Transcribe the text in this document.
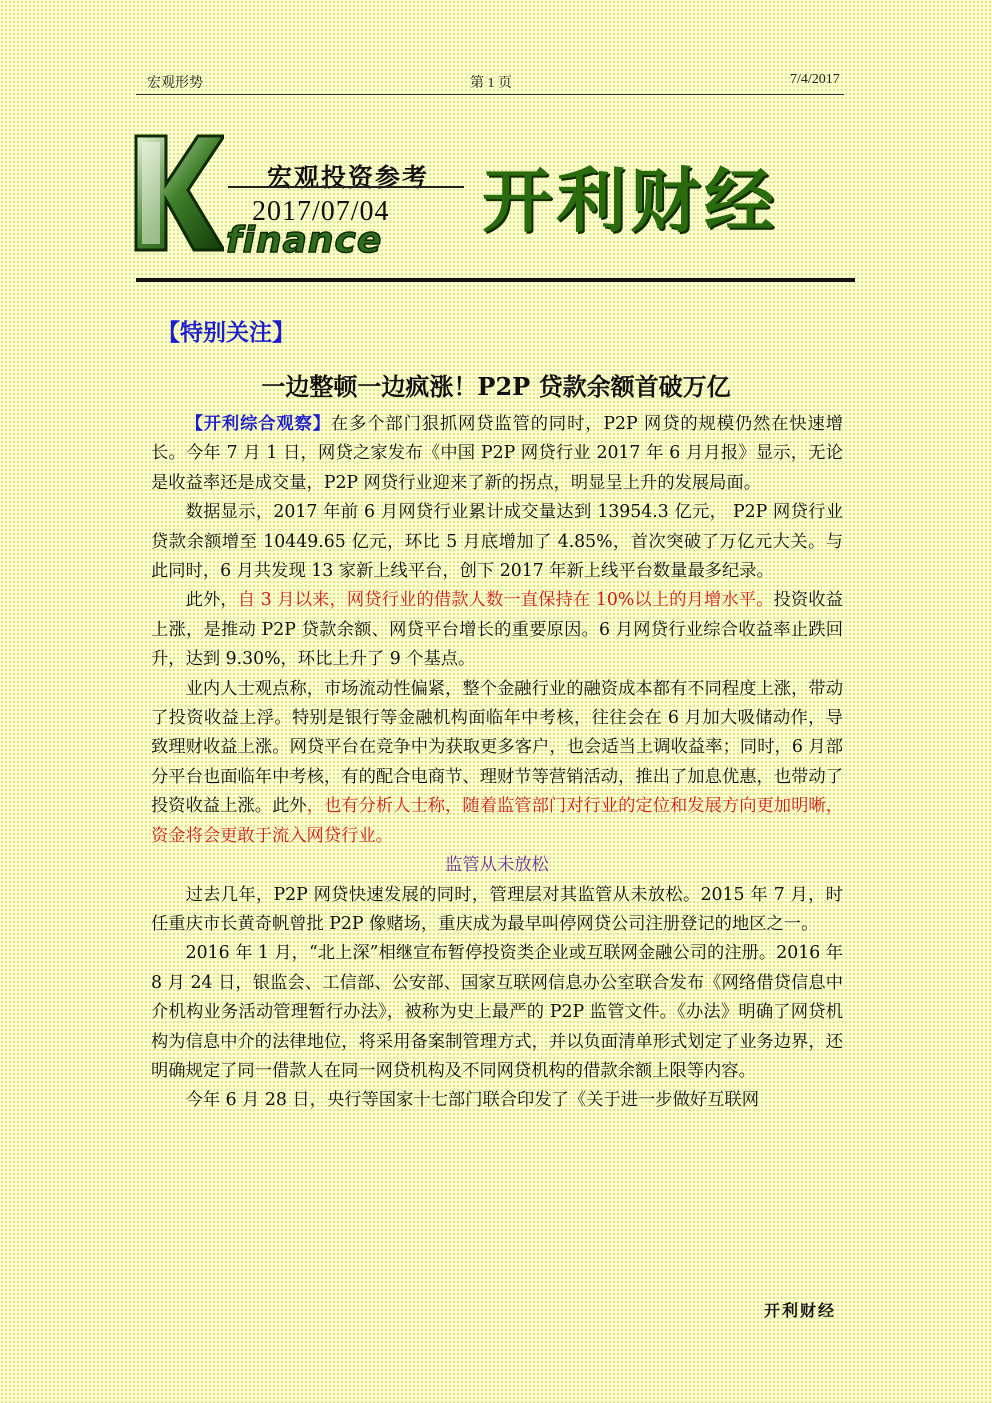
宏观形势	第 1 页	7/4/2017
宏观投资参考
2017/07/04
finance 开利财经
【特别关注】
一边整顿一边疯涨！P2P 贷款余额首破万亿

【开利综合观察】在多个部门狠抓网贷监管的同时，P2P 网贷的规模仍然在快速增长。今年 7 月 1 日，网贷之家发布《中国 P2P 网贷行业 2017 年 6 月月报》显示，无论是收益率还是成交量，P2P 网贷行业迎来了新的拐点，明显呈上升的发展局面。

数据显示，2017 年前 6 月网贷行业累计成交量达到 13954.3 亿元， P2P 网贷行业贷款余额增至 10449.65 亿元，环比 5 月底增加了 4.85%，首次突破了万亿元大关。与此同时，6 月共发现 13 家新上线平台，创下 2017 年新上线平台数量最多纪录。

此外，自 3 月以来，网贷行业的借款人数一直保持在 10%以上的月增水平。投资收益上涨，是推动 P2P 贷款余额、网贷平台增长的重要原因。6 月网贷行业综合收益率止跌回升，达到 9.30%，环比上升了 9 个基点。

业内人士观点称，市场流动性偏紧，整个金融行业的融资成本都有不同程度上涨，带动了投资收益上浮。特别是银行等金融机构面临年中考核，往往会在 6 月加大吸储动作，导致理财收益上涨。网贷平台在竞争中为获取更多客户，也会适当上调收益率；同时，6 月部分平台也面临年中考核，有的配合电商节、理财节等营销活动，推出了加息优惠，也带动了投资收益上涨。此外，也有分析人士称，随着监管部门对行业的定位和发展方向更加明晰，资金将会更敢于流入网贷行业。

监管从未放松

过去几年，P2P 网贷快速发展的同时，管理层对其监管从未放松。2015 年 7 月，时任重庆市长黄奇帆曾批 P2P 像赌场，重庆成为最早叫停网贷公司注册登记的地区之一。

2016 年 1 月，“北上深”相继宣布暂停投资类企业或互联网金融公司的注册。2016 年 8 月 24 日，银监会、工信部、公安部、国家互联网信息办公室联合发布《网络借贷信息中介机构业务活动管理暂行办法》，被称为史上最严的 P2P 监管文件。《办法》明确了网贷机构为信息中介的法律地位，将采用备案制管理方式，并以负面清单形式划定了业务边界，还明确规定了同一借款人在同一网贷机构及不同网贷机构的借款余额上限等内容。

今年 6 月 28 日，央行等国家十七部门联合印发了《关于进一步做好互联网

开利财经
